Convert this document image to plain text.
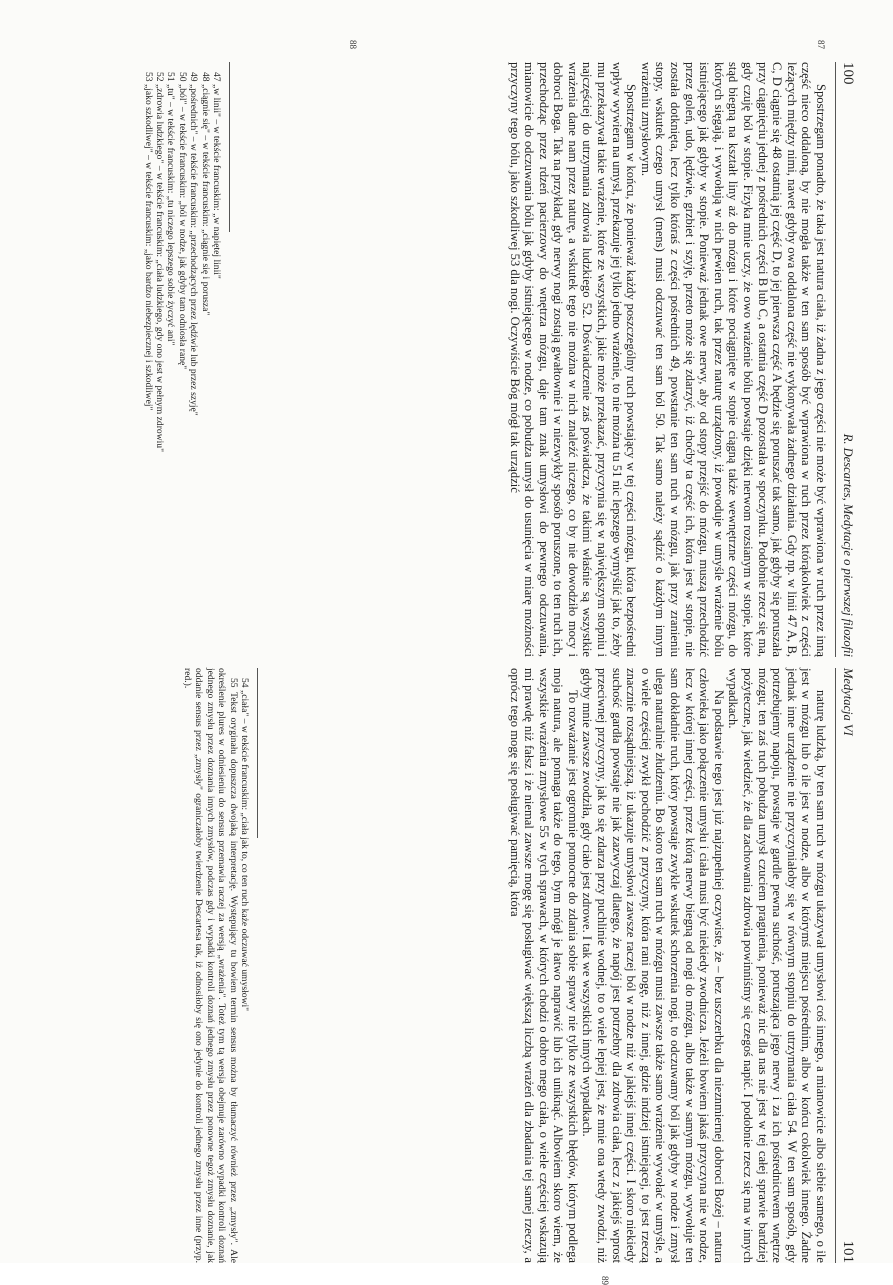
100
R. Descartes, Medytacje o pierwszej filozofii

Spostrzegam ponadto, że taka jest natura ciała, iż żadna z jego części nie może być wprawiona w ruch przez inną część nieco oddaloną, by nie mogła także w ten sam sposób być wprawiona w ruch przez którąkolwiek z części leżących między nimi, nawet gdyby owa oddalona część nie wykonywała żadnego działania. Gdy np. w linii 47 A, B, C, D ciągnie się 48 ostatnią jej część D, to jej pierwsza część A będzie się poruszać tak samo, jak gdyby się poruszała przy ciągnięciu jednej z pośrednich części B lub C, a ostatnia część D pozostała w spoczynku. Podobnie rzecz się ma, gdy czuję ból w stopie. Fizyka mnie uczy, że owo wrażenie bólu powstaje dzięki nerwom rozsianym w stopie, które stąd biegną na kształt liny aż do mózgu i które pociągnięte w stopie ciągną także wewnętrzne części mózgu, do których sięgają, i wywołują w nich pewien ruch, tak przez naturę urządzony, iż powoduje w umyśle wrażenie bólu istniejącego jak gdyby w stopie. Ponieważ jednak owe nerwy, aby od stopy przejść do mózgu, muszą przechodzić przez goleń, udo, lędźwie, grzbiet i szyję, przeto może się zdarzyć, iż choćby ta część ich, która jest w stopie, nie została dotknięta, lecz tylko któraś z części pośrednich 49, powstanie ten sam ruch w mózgu, jak przy zranieniu stopy, wskutek czego umysł (mens) musi odczuwać ten sam ból 50. Tak samo należy sądzić o każdym innym wrażeniu zmysłowym.

Spostrzegam w końcu, że ponieważ każdy poszczególny ruch powstający w tej części mózgu, która bezpośredni wpływ wywiera na umysł, przekazuje jej tylko jedno wrażenie, to nie można tu 51 nic lepszego wymyślić jak to, żeby mu przekazywał takie wrażenie, które ze wszystkich, jakie może przekazać, przyczynia się w największym stopniu i najczęściej do utrzymania zdrowia ludzkiego 52. Doświadczenie zaś poświadcza, że takimi właśnie są wszystkie wrażenia dane nam przez naturę, a wskutek tego nie można w nich znaleźć niczego, co by nie dowodziło mocy i dobroci Boga. Tak na przykład, gdy nerwy nogi zostają gwałtownie i w niezwykły sposób poruszone, to ten ruch ich, przechodząc przez rdzeń pacierzowy do wnętrza mózgu, daje tam znak umysłowi do pewnego odczuwania, mianowicie do odczuwania bólu jak gdyby istniejącego w nodze, co pobudza umysł do usunięcia w miarę możności przyczyny tego bólu, jako szkodliwej 53 dla nogi. Oczywiście Bóg mógł tak urządzić

87
88

47 „w linii" – w tekście francuskim: „w napiętej linii"

48 „ciągnie się" – w tekście francuskim: „ciągnie się i porusza"

49 „pośrednich" – w tekście francuskim: „przechodzących przez lędźwie lub przez szyję"

50 „ból" – w tekście francuskim: „ból w nodze, jak gdyby tam odniosła ranę"

51 „tu" – w tekście francuskim: „tu niczego lepszego sobie życzyć ani"

52 „zdrowia ludzkiego" – w tekście francuskim: „ciała ludzkiego, gdy ono jest w pełnym zdrowiu"

53 „jako szkodliwej" – w tekście francuskim: „jako bardzo niebezpiecznej i szkodliwej"

Medytacja VI
101

naturę ludzką, by ten sam ruch w mózgu ukazywał umysłowi coś innego, a mianowicie albo siebie samego, o ile jest w mózgu lub o ile jest w nodze, albo w którymś miejscu pośrednim, albo w końcu cokolwiek innego. Żadne jednak inne urządzenie nie przyczyniałoby się w równym stopniu do utrzymania ciała 54. W ten sam sposób, gdy potrzebujemy napoju, powstaje w gardle pewna suchość, poruszająca jego nerwy i za ich pośrednictwem wnętrze mózgu; ten zaś ruch pobudza umysł czuciem pragnienia, ponieważ nic dla nas nie jest w tej całej sprawie bardziej pożyteczne, jak wiedzieć, że dla zachowania zdrowia powinniśmy się czegoś napić. I podobnie rzecz się ma w innych wypadkach.

Na podstawie tego jest już najzupełniej oczywiste, że – bez uszczerbku dla nieznmiernej dobroci Bożej – natura człowieka jako połączenie umysłu i ciała musi być niekiedy zwodnicza. Jeżeli bowiem jakaś przyczyna nie w nodze, lecz w której innej części, przez którą nerwy biegną od nogi do mózgu, albo także w samym mózgu, wywołuje ten sam dokładnie ruch, który powstaje zwykle wskutek schorzenia nogi, to odczuwamy ból jak gdyby w nodze i zmysł ulega naturalnie złudzeniu. Bo skoro ten sam ruch w mózgu musi zawsze także samo wrażenie wywołać w umyśle, a o wiele częściej zwykł pochodzić z przyczyny, która rani nogę, niż z innej, gdzie indziej istniejącej, to jest rzeczą znacznie rozsądniejszą, iż ukazuje umysłowi zawsze raczej ból w nodze niż w jakiejś innej części. I skoro niekiedy suchość gardła powstaje nie jak zazwyczaj dlatego, że napój jest potrzebny dla zdrowia ciała, lecz z jakiejś wprost przeciwnej przyczyny, jak to się zdarza przy puchlinie wodnej, to o wiele lepiej jest, że mnie ona wtedy zwodzi, niż gdyby mnie zawsze zwodziła, gdy ciało jest zdrowe. I tak we wszystkich innych wypadkach.

To rozważanie jest ogromnie pomocne do zdania sobie sprawy nie tylko ze wszystkich błędów, którym podlega moja natura, ale pomaga także do tego, bym mógł je łatwo naprawić lub ich uniknąć. Albowiem skoro wiem, że wszystkie wrażenia zmysłowe 55 w tych sprawach, w których chodzi o dobro mego ciała, o wiele częściej wskazują mi prawdę niż fałsz i że niemal zawsze mogę się posługiwać większą liczbą wrażeń dla zbadania tej samej rzeczy, a oprócz tego mogę się posługiwać pamięcią, która

89

54 „ciała" – w tekście francuskim: „ciała jak to, co ten ruch każe odczuwać umysłowi"

55 Tekst oryginału dopuszcza dwojaką interpretację. Występujący tu bowiem termin sensus można by tłumaczyć również przez „zmysły". Ale określenie plures w odniesieniu do sensus przemawia raczej za wersją „wrażenia". Toteż tym tą wersja obejmuje zarówno wypadki kontroli doznań jednego zmysłu przez doznania innych zmysłów, podczas gdy i wypadki kontroli doznań jednego zmysłu przez ponowne tegoż zmysłu doznanie, jak oddanie sensus przez „zmysły" ograniczałoby twierdzenie Descartesa tak, iż odnosiłoby się ono jedynie do kontroli jednego zmysłu przez inne (przyp. red.).
